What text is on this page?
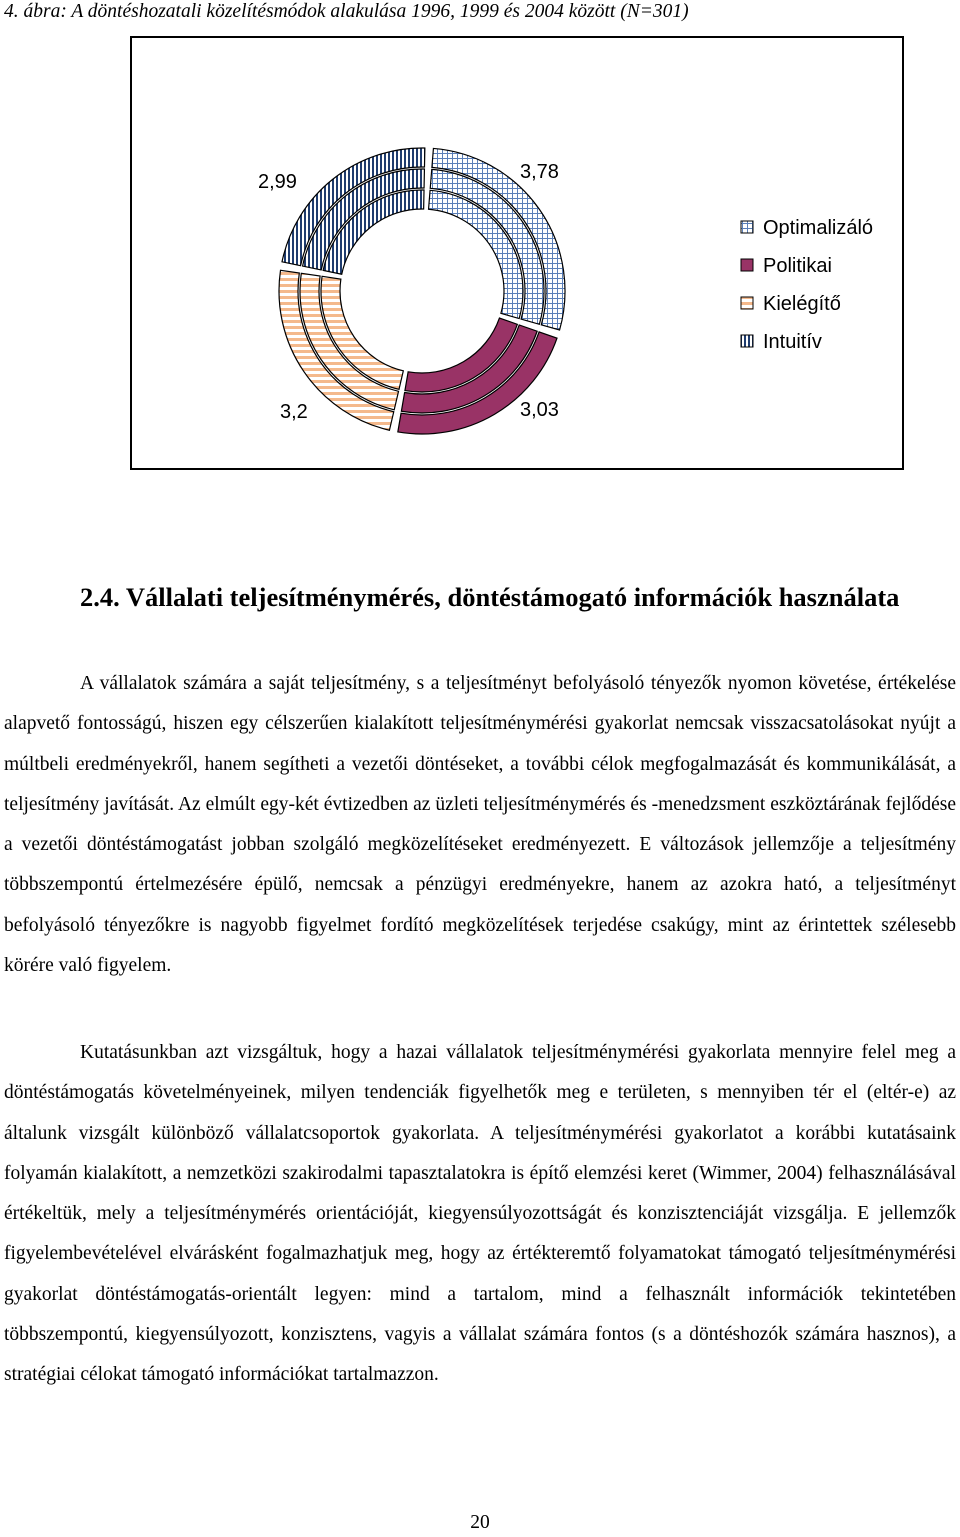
4. ábra: A döntéshozatali közelítésmódok alakulása 1996, 1999 és 2004 között (N=301)

2,99	3,78
3,03
3,2
Optimalizáló
Politikai
Kielégítő
Intuitív
2.4. Vállalati teljesítménymérés, döntéstámogató információk használata

A vállalatok számára a saját teljesítmény, s a teljesítményt befolyásoló tényezők nyomon követése, értékelése alapvető fontosságú, hiszen egy célszerűen kialakított teljesítménymérési gyakorlat nemcsak visszacsatolásokat nyújt a múltbeli eredményekről, hanem segítheti a vezetői döntéseket, a további célok megfogalmazását és kommunikálását, a teljesítmény javítását. Az elmúlt egy-két évtizedben az üzleti teljesítménymérés és -menedzsment eszköztárának fejlődése a vezetői döntéstámogatást jobban szolgáló megközelítéseket eredményezett. E változások jellemzője a teljesítmény többszempontú értelmezésére épülő, nemcsak a pénzügyi eredményekre, hanem az azokra ható, a teljesítményt befolyásoló tényezőkre is nagyobb figyelmet fordító megközelítések terjedése csakúgy, mint az érintettek szélesebb körére való figyelem.

Kutatásunkban azt vizsgáltuk, hogy a hazai vállalatok teljesítménymérési gyakorlata mennyire felel meg a döntéstámogatás követelményeinek, milyen tendenciák figyelhetők meg e területen, s mennyiben tér el (eltér-e) az általunk vizsgált különböző vállalatcsoportok gyakorlata. A teljesítménymérési gyakorlatot a korábbi kutatásaink folyamán kialakított, a nemzetközi szakirodalmi tapasztalatokra is építő elemzési keret (Wimmer, 2004) felhasználásával értékeltük, mely a teljesítménymérés orientációját, kiegyensúlyozottságát és konzisztenciáját vizsgálja. E jellemzők figyelembevételével elvárásként fogalmazhatjuk meg, hogy az értékteremtő folyamatokat támogató teljesítménymérési gyakorlat döntéstámogatás-orientált legyen: mind a tartalom, mind a felhasznált információk tekintetében többszempontú, kiegyensúlyozott, konzisztens, vagyis a vállalat számára fontos (s a döntéshozók számára hasznos), a stratégiai célokat támogató információkat tartalmazzon.

20
